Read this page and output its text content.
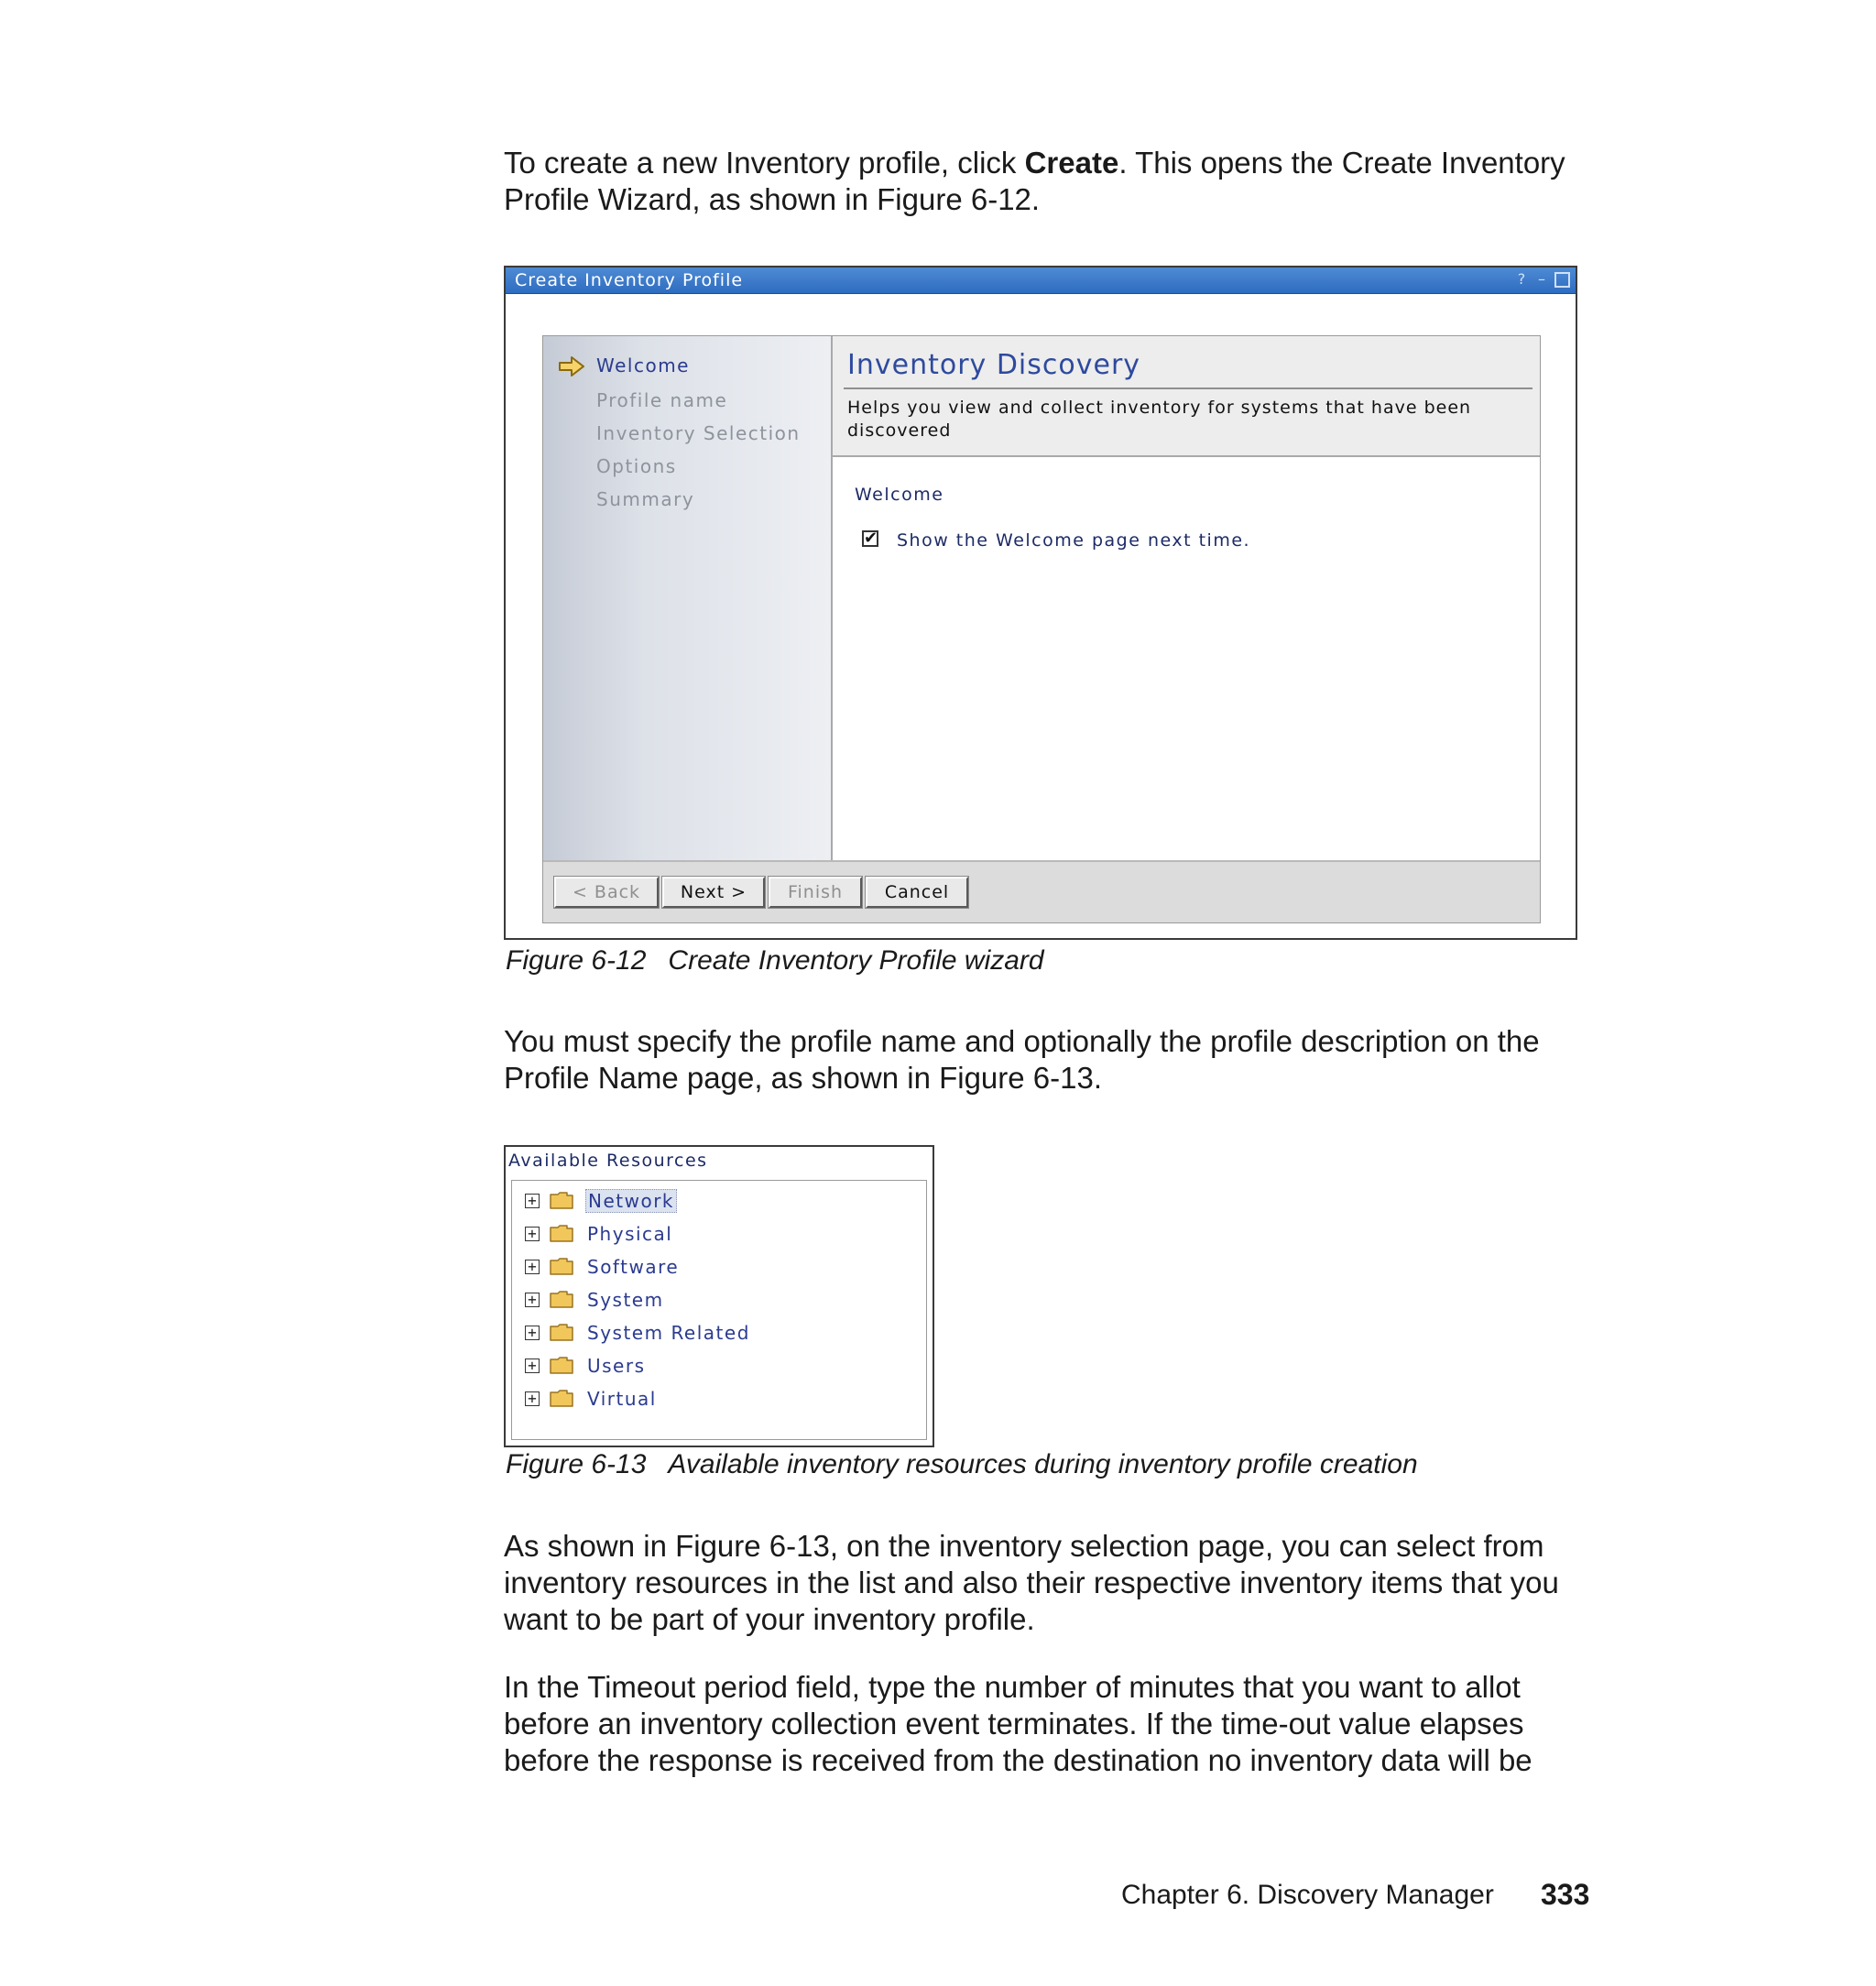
To create a new Inventory profile, click Create. This opens the Create Inventory Profile Wizard, as shown in Figure 6-12.

Create Inventory Profile	? –
Welcome
Profile name
Inventory Selection
Options
Summary
Inventory Discovery
Helps you view and collect inventory for systems that have been discovered
Welcome
✔ Show the Welcome page next time.
< Back	Next >	Finish	Cancel

Figure 6-12 Create Inventory Profile wizard

You must specify the profile name and optionally the profile description on the Profile Name page, as shown in Figure 6-13.

Available Resources
+	Network
+	Physical
+	Software
+	System
+	System Related
+	Users
+	Virtual

Figure 6-13 Available inventory resources during inventory profile creation

As shown in Figure 6-13, on the inventory selection page, you can select from inventory resources in the list and also their respective inventory items that you want to be part of your inventory profile.

In the Timeout period field, type the number of minutes that you want to allot before an inventory collection event terminates. If the time-out value elapses before the response is received from the destination no inventory data will be

Chapter 6. Discovery Manager 333
